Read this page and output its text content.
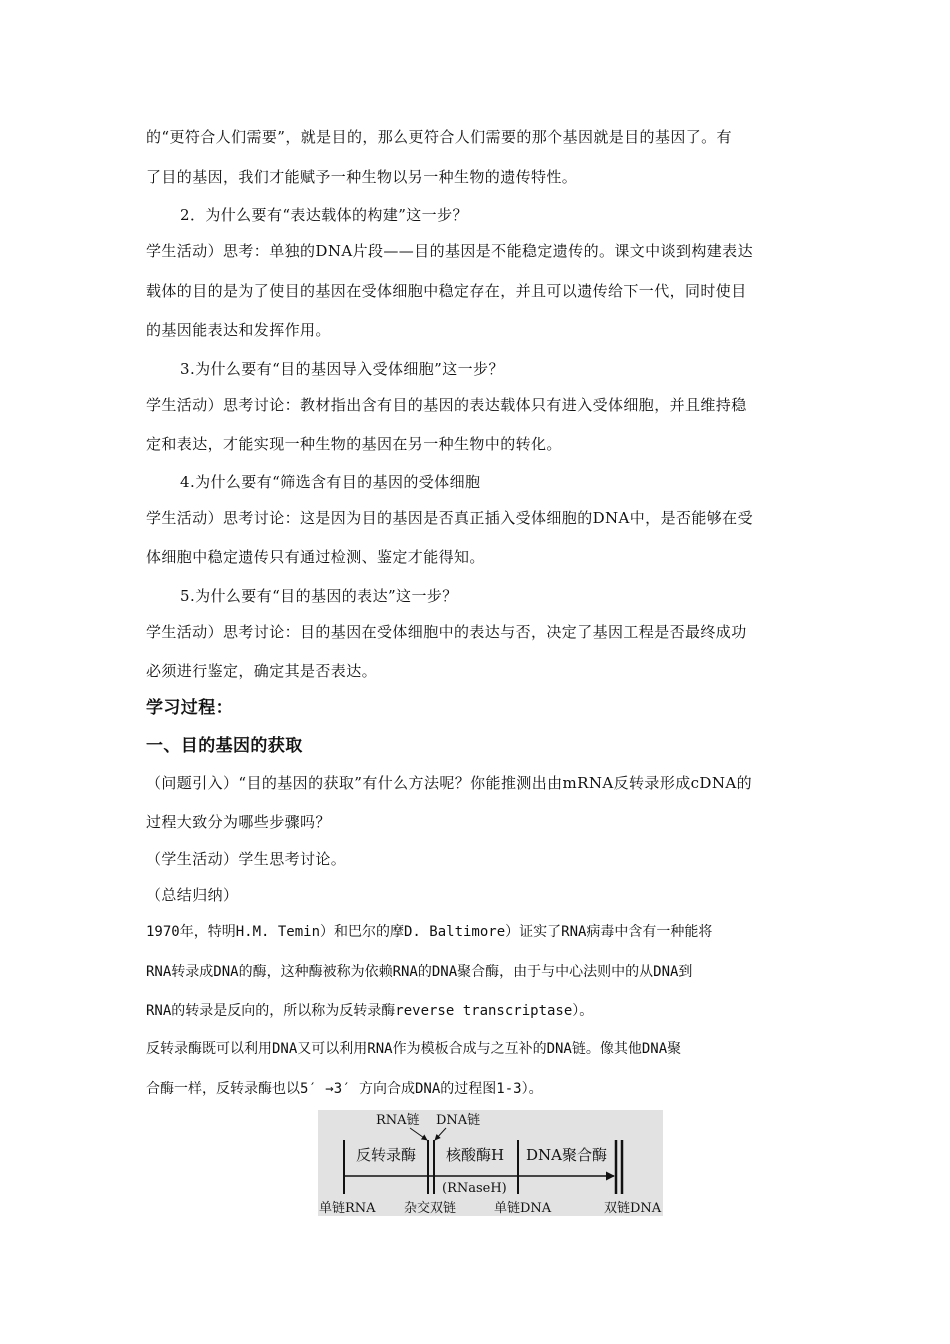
的“更符合人们需要”，就是目的，那么更符合人们需要的那个基因就是目的基因了。有
了目的基因，我们才能赋予一种生物以另一种生物的遗传特性。
2．为什么要有“表达载体的构建”这一步？
学生活动）思考：单独的DNA片段——目的基因是不能稳定遗传的。课文中谈到构建表达
载体的目的是为了使目的基因在受体细胞中稳定存在，并且可以遗传给下一代，同时使目
的基因能表达和发挥作用。
3.为什么要有“目的基因导入受体细胞”这一步？
学生活动）思考讨论：教材指出含有目的基因的表达载体只有进入受体细胞，并且维持稳
定和表达，才能实现一种生物的基因在另一种生物中的转化。
4.为什么要有“筛选含有目的基因的受体细胞
学生活动）思考讨论：这是因为目的基因是否真正插入受体细胞的DNA中，是否能够在受
体细胞中稳定遗传只有通过检测、鉴定才能得知。
5.为什么要有“目的基因的表达”这一步？
学生活动）思考讨论：目的基因在受体细胞中的表达与否，决定了基因工程是否最终成功
必须进行鉴定，确定其是否表达。
学习过程：
一、目的基因的获取
（问题引入）“目的基因的获取”有什么方法呢？你能推测出由mRNA反转录形成cDNA的
过程大致分为哪些步骤吗？
（学生活动）学生思考讨论。
（总结归纳）
1970年，特明H.M. Temin）和巴尔的摩D. Baltimore）证实了RNA病毒中含有一种能将
RNA转录成DNA的酶，这种酶被称为依赖RNA的DNA聚合酶，由于与中心法则中的从DNA到
RNA的转录是反向的，所以称为反转录酶reverse transcriptase）。
反转录酶既可以利用DNA又可以利用RNA作为模板合成与之互补的DNA链。像其他DNA聚
合酶一样，反转录酶也以5′ →3′ 方向合成DNA的过程图1-3）。
RNA链 DNA链
反转录酶 核酸酶H
(RNaseH)
DNA聚合酶
单链RNA 杂交双链	单链DNA	双链DNA
